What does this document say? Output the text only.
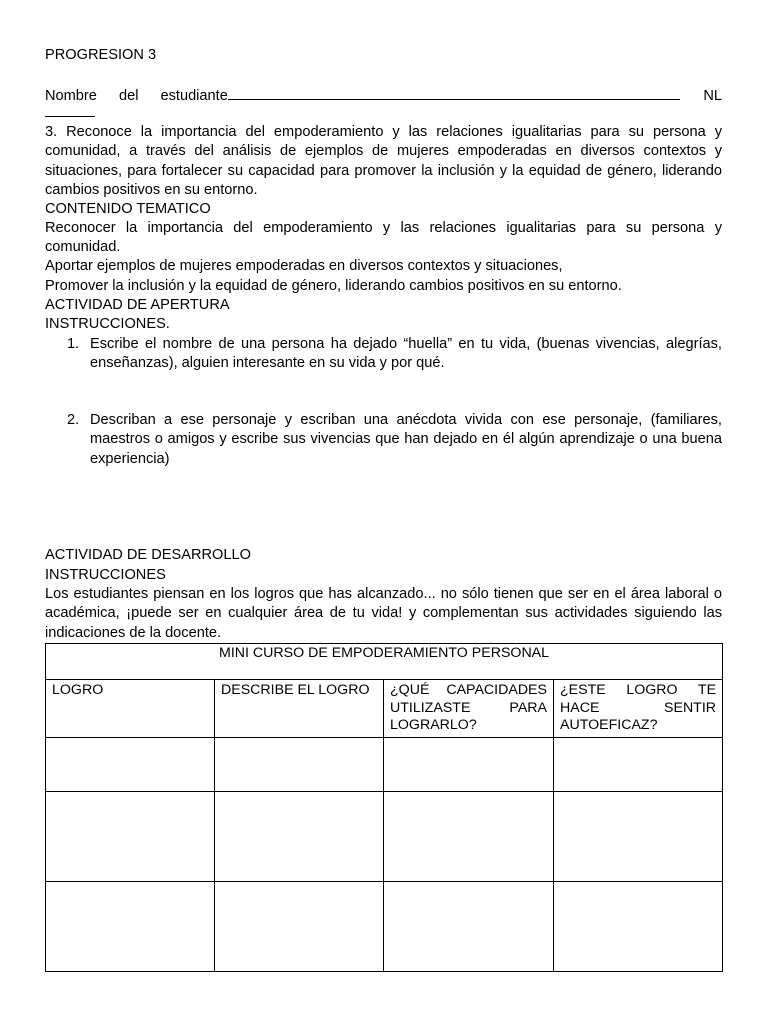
PROGRESION 3
Nombre del estudiante	NL

3. Reconoce la importancia del empoderamiento y las relaciones igualitarias para su persona y comunidad, a través del análisis de ejemplos de mujeres empoderadas en diversos contextos y situaciones, para fortalecer su capacidad para promover la inclusión y la equidad de género, liderando cambios positivos en su entorno.

CONTENIDO TEMATICO

Reconocer la importancia del empoderamiento y las relaciones igualitarias para su persona y comunidad.

Aportar ejemplos de mujeres empoderadas en diversos contextos y situaciones,

Promover la inclusión y la equidad de género, liderando cambios positivos en su entorno.

ACTIVIDAD DE APERTURA
INSTRUCCIONES.
1. Escribe el nombre de una persona ha dejado “huella” en tu vida, (buenas vivencias, alegrías, enseñanzas), alguien interesante en su vida y por qué.
2. Describan a ese personaje y escriban una anécdota vivida con ese personaje, (familiares, maestros o amigos y escribe sus vivencias que han dejado en él algún aprendizaje o una buena experiencia)
ACTIVIDAD DE DESARROLLO
INSTRUCCIONES

Los estudiantes piensan en los logros que has alcanzado... no sólo tienen que ser en el área laboral o académica, ¡puede ser en cualquier área de tu vida! y complementan sus actividades siguiendo las indicaciones de la docente.

MINI CURSO DE EMPODERAMIENTO PERSONAL			
LOGRO	DESCRIBE EL LOGRO	¿QUÉ CAPACIDADES UTILIZASTE PARA LOGRARLO?	¿ESTE LOGRO TE HACE SENTIR AUTOEFICAZ?
